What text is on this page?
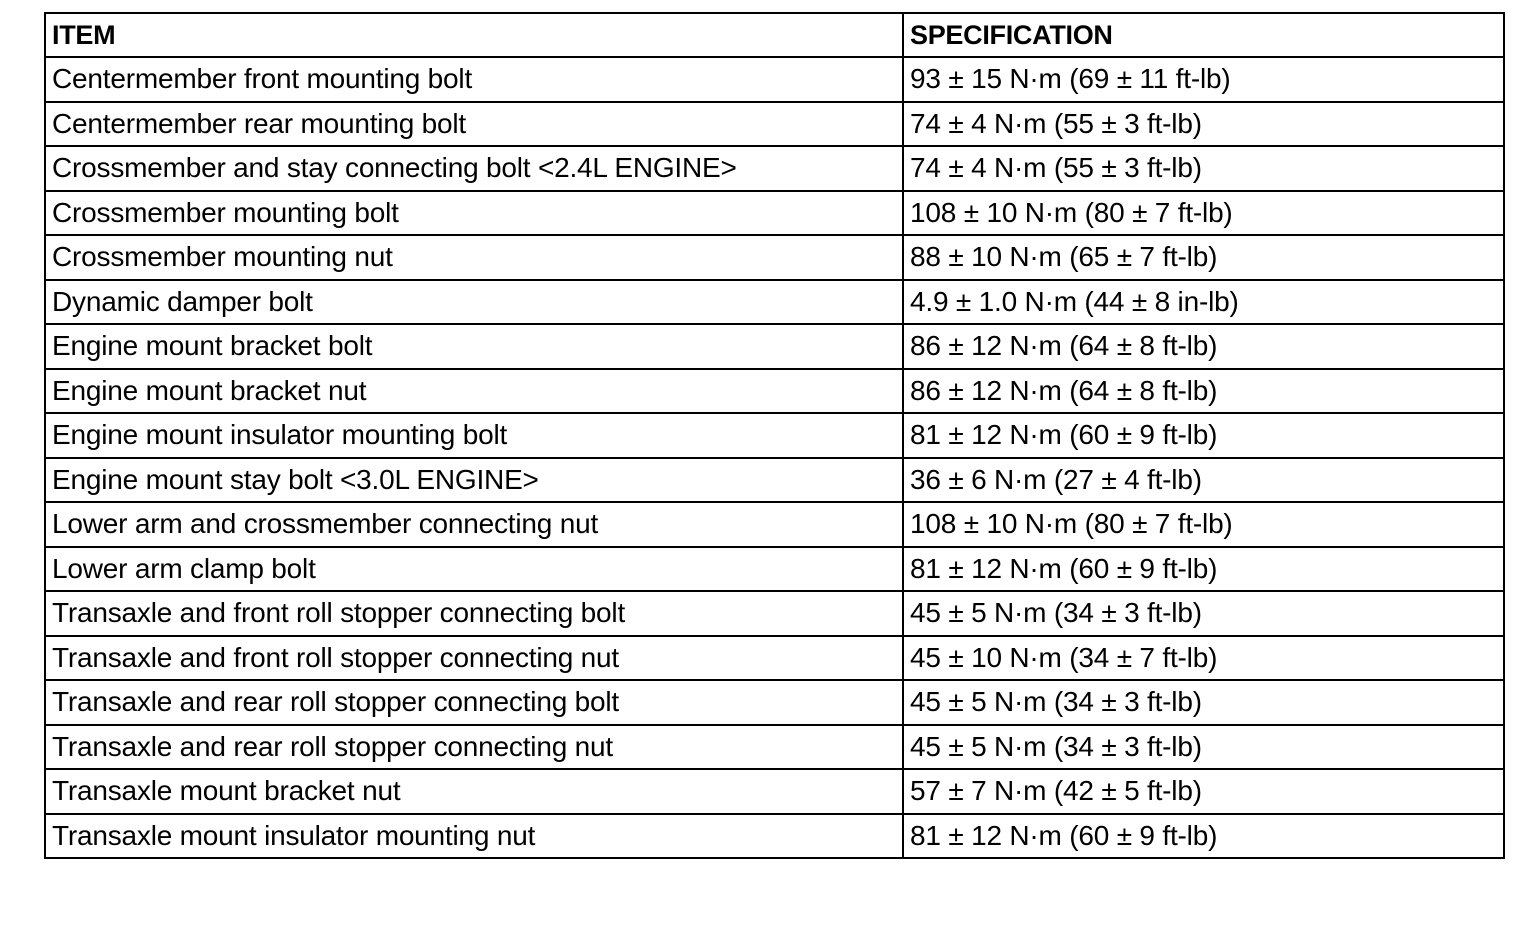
ITEM	SPECIFICATION
Centermember front mounting bolt	93 ± 15 N·m (69 ± 11 ft-lb)
Centermember rear mounting bolt	74 ± 4 N·m (55 ± 3 ft-lb)
Crossmember and stay connecting bolt <2.4L ENGINE>	74 ± 4 N·m (55 ± 3 ft-lb)
Crossmember mounting bolt	108 ± 10 N·m (80 ± 7 ft-lb)
Crossmember mounting nut	88 ± 10 N·m (65 ± 7 ft-lb)
Dynamic damper bolt	4.9 ± 1.0 N·m (44 ± 8 in-lb)
Engine mount bracket bolt	86 ± 12 N·m (64 ± 8 ft-lb)
Engine mount bracket nut	86 ± 12 N·m (64 ± 8 ft-lb)
Engine mount insulator mounting bolt	81 ± 12 N·m (60 ± 9 ft-lb)
Engine mount stay bolt <3.0L ENGINE>	36 ± 6 N·m (27 ± 4 ft-lb)
Lower arm and crossmember connecting nut	108 ± 10 N·m (80 ± 7 ft-lb)
Lower arm clamp bolt	81 ± 12 N·m (60 ± 9 ft-lb)
Transaxle and front roll stopper connecting bolt	45 ± 5 N·m (34 ± 3 ft-lb)
Transaxle and front roll stopper connecting nut	45 ± 10 N·m (34 ± 7 ft-lb)
Transaxle and rear roll stopper connecting bolt	45 ± 5 N·m (34 ± 3 ft-lb)
Transaxle and rear roll stopper connecting nut	45 ± 5 N·m (34 ± 3 ft-lb)
Transaxle mount bracket nut	57 ± 7 N·m (42 ± 5 ft-lb)
Transaxle mount insulator mounting nut	81 ± 12 N·m (60 ± 9 ft-lb)
